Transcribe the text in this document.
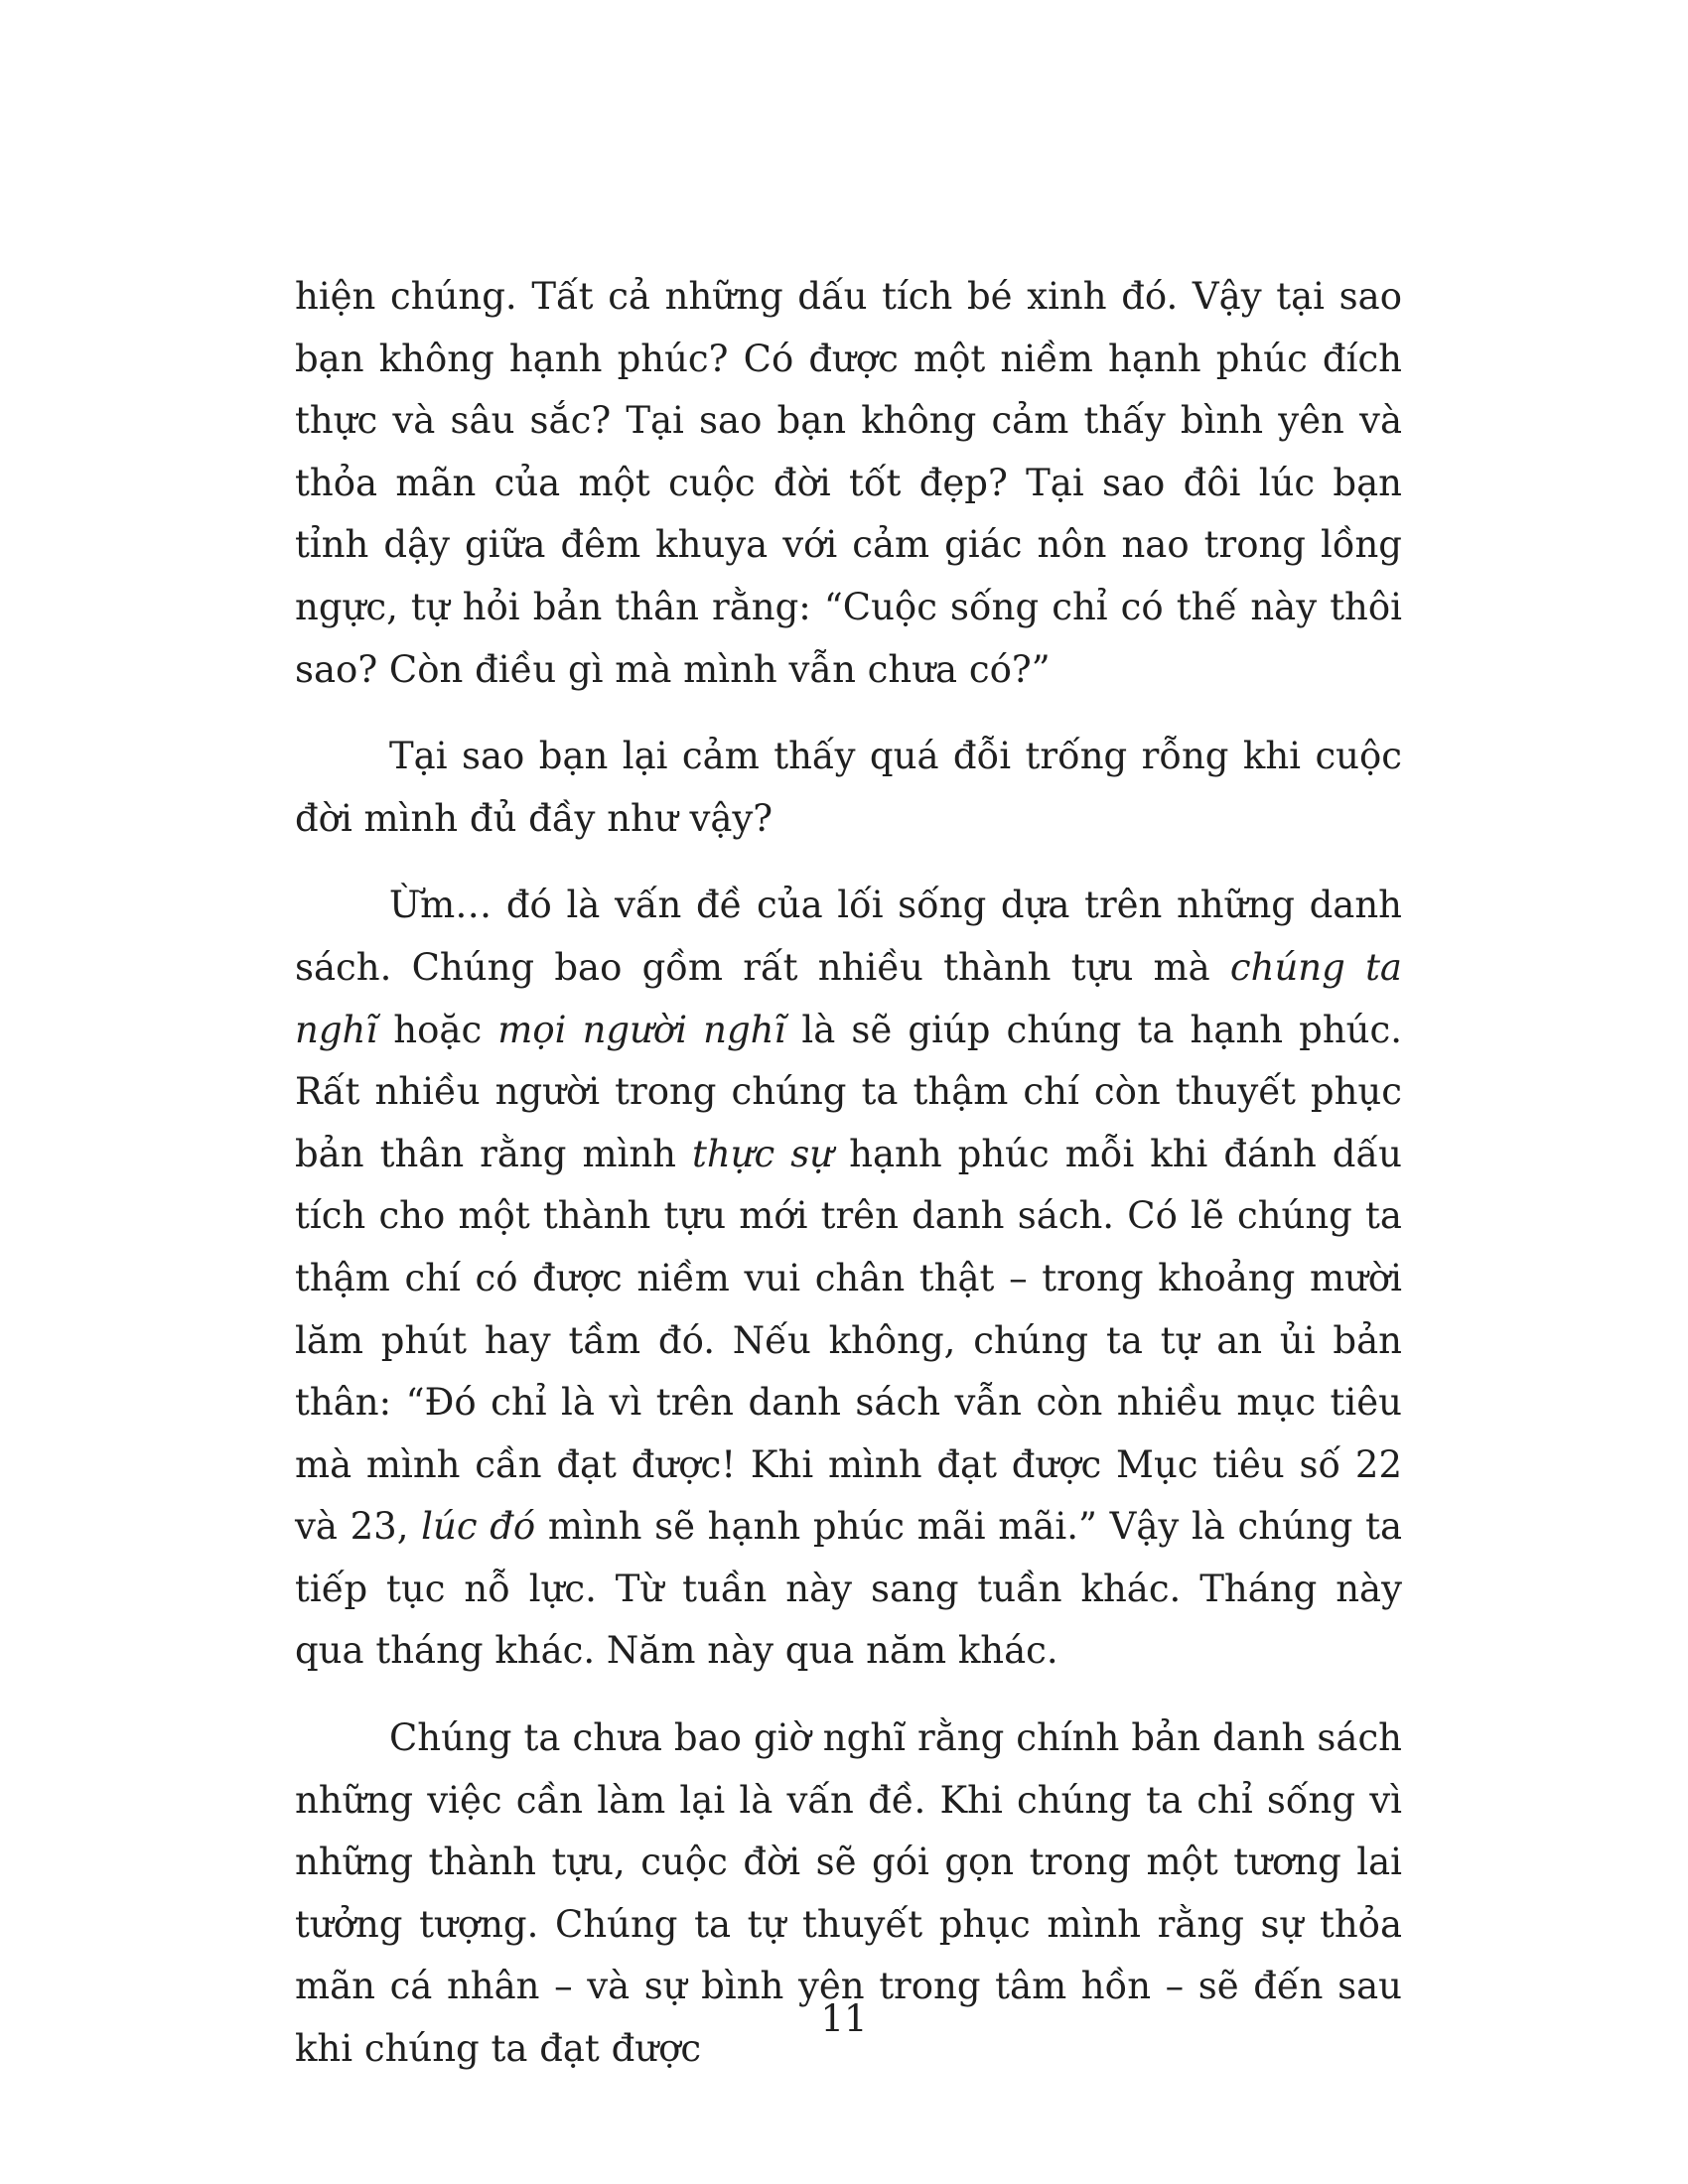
hiện chúng. Tất cả những dấu tích bé xinh đó. Vậy tại sao bạn không hạnh phúc? Có được một niềm hạnh phúc đích thực và sâu sắc? Tại sao bạn không cảm thấy bình yên và thỏa mãn của một cuộc đời tốt đẹp? Tại sao đôi lúc bạn tỉnh dậy giữa đêm khuya với cảm giác nôn nao trong lồng ngực, tự hỏi bản thân rằng: “Cuộc sống chỉ có thế này thôi sao? Còn điều gì mà mình vẫn chưa có?”

Tại sao bạn lại cảm thấy quá đỗi trống rỗng khi cuộc đời mình đủ đầy như vậy?

Ừm… đó là vấn đề của lối sống dựa trên những danh sách. Chúng bao gồm rất nhiều thành tựu mà chúng ta nghĩ hoặc mọi người nghĩ là sẽ giúp chúng ta hạnh phúc. Rất nhiều người trong chúng ta thậm chí còn thuyết phục bản thân rằng mình thực sự hạnh phúc mỗi khi đánh dấu tích cho một thành tựu mới trên danh sách. Có lẽ chúng ta thậm chí có được niềm vui chân thật – trong khoảng mười lăm phút hay tầm đó. Nếu không, chúng ta tự an ủi bản thân: “Đó chỉ là vì trên danh sách vẫn còn nhiều mục tiêu mà mình cần đạt được! Khi mình đạt được Mục tiêu số 22 và 23, lúc đó mình sẽ hạnh phúc mãi mãi.” Vậy là chúng ta tiếp tục nỗ lực. Từ tuần này sang tuần khác. Tháng này qua tháng khác. Năm này qua năm khác.

Chúng ta chưa bao giờ nghĩ rằng chính bản danh sách những việc cần làm lại là vấn đề. Khi chúng ta chỉ sống vì những thành tựu, cuộc đời sẽ gói gọn trong một tương lai tưởng tượng. Chúng ta tự thuyết phục mình rằng sự thỏa mãn cá nhân – và sự bình yên trong tâm hồn – sẽ đến sau khi chúng ta đạt được

11
